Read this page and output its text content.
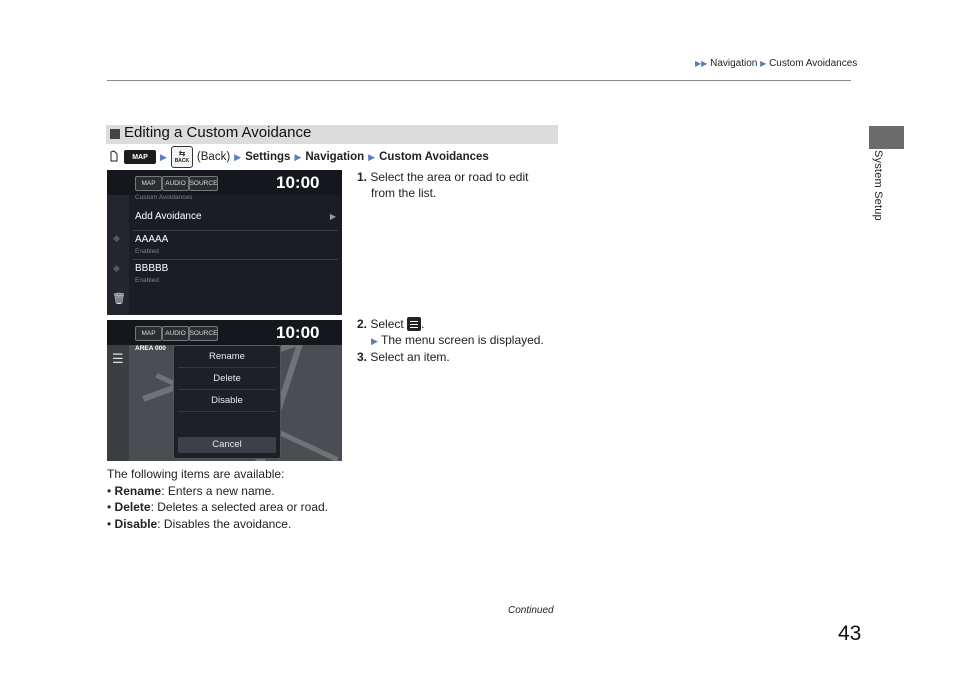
▶▶ Navigation ▶ Custom Avoidances
System Setup
Editing a Custom Avoidance
MAP	▶ ⇆
BACK (Back) ▶ Settings ▶ Navigation ▶ Custom Avoidances
MAP	AUDIO SOURCE	10:00
◆
◆
🗑
Custom Avoidances
Add Avoidance	▶
AAAAA
Enabled
BBBBB
Enabled
MAP	AUDIO SOURCE	10:00
☰
AREA 000
Rename
Delete
Disable
Cancel
1. Select the area or road to edit
from the list.
2. Select .
▶ The menu screen is displayed.
3. Select an item.
The following items are available:
• Rename: Enters a new name.
• Delete: Deletes a selected area or road.
• Disable: Disables the avoidance.
Continued
43
